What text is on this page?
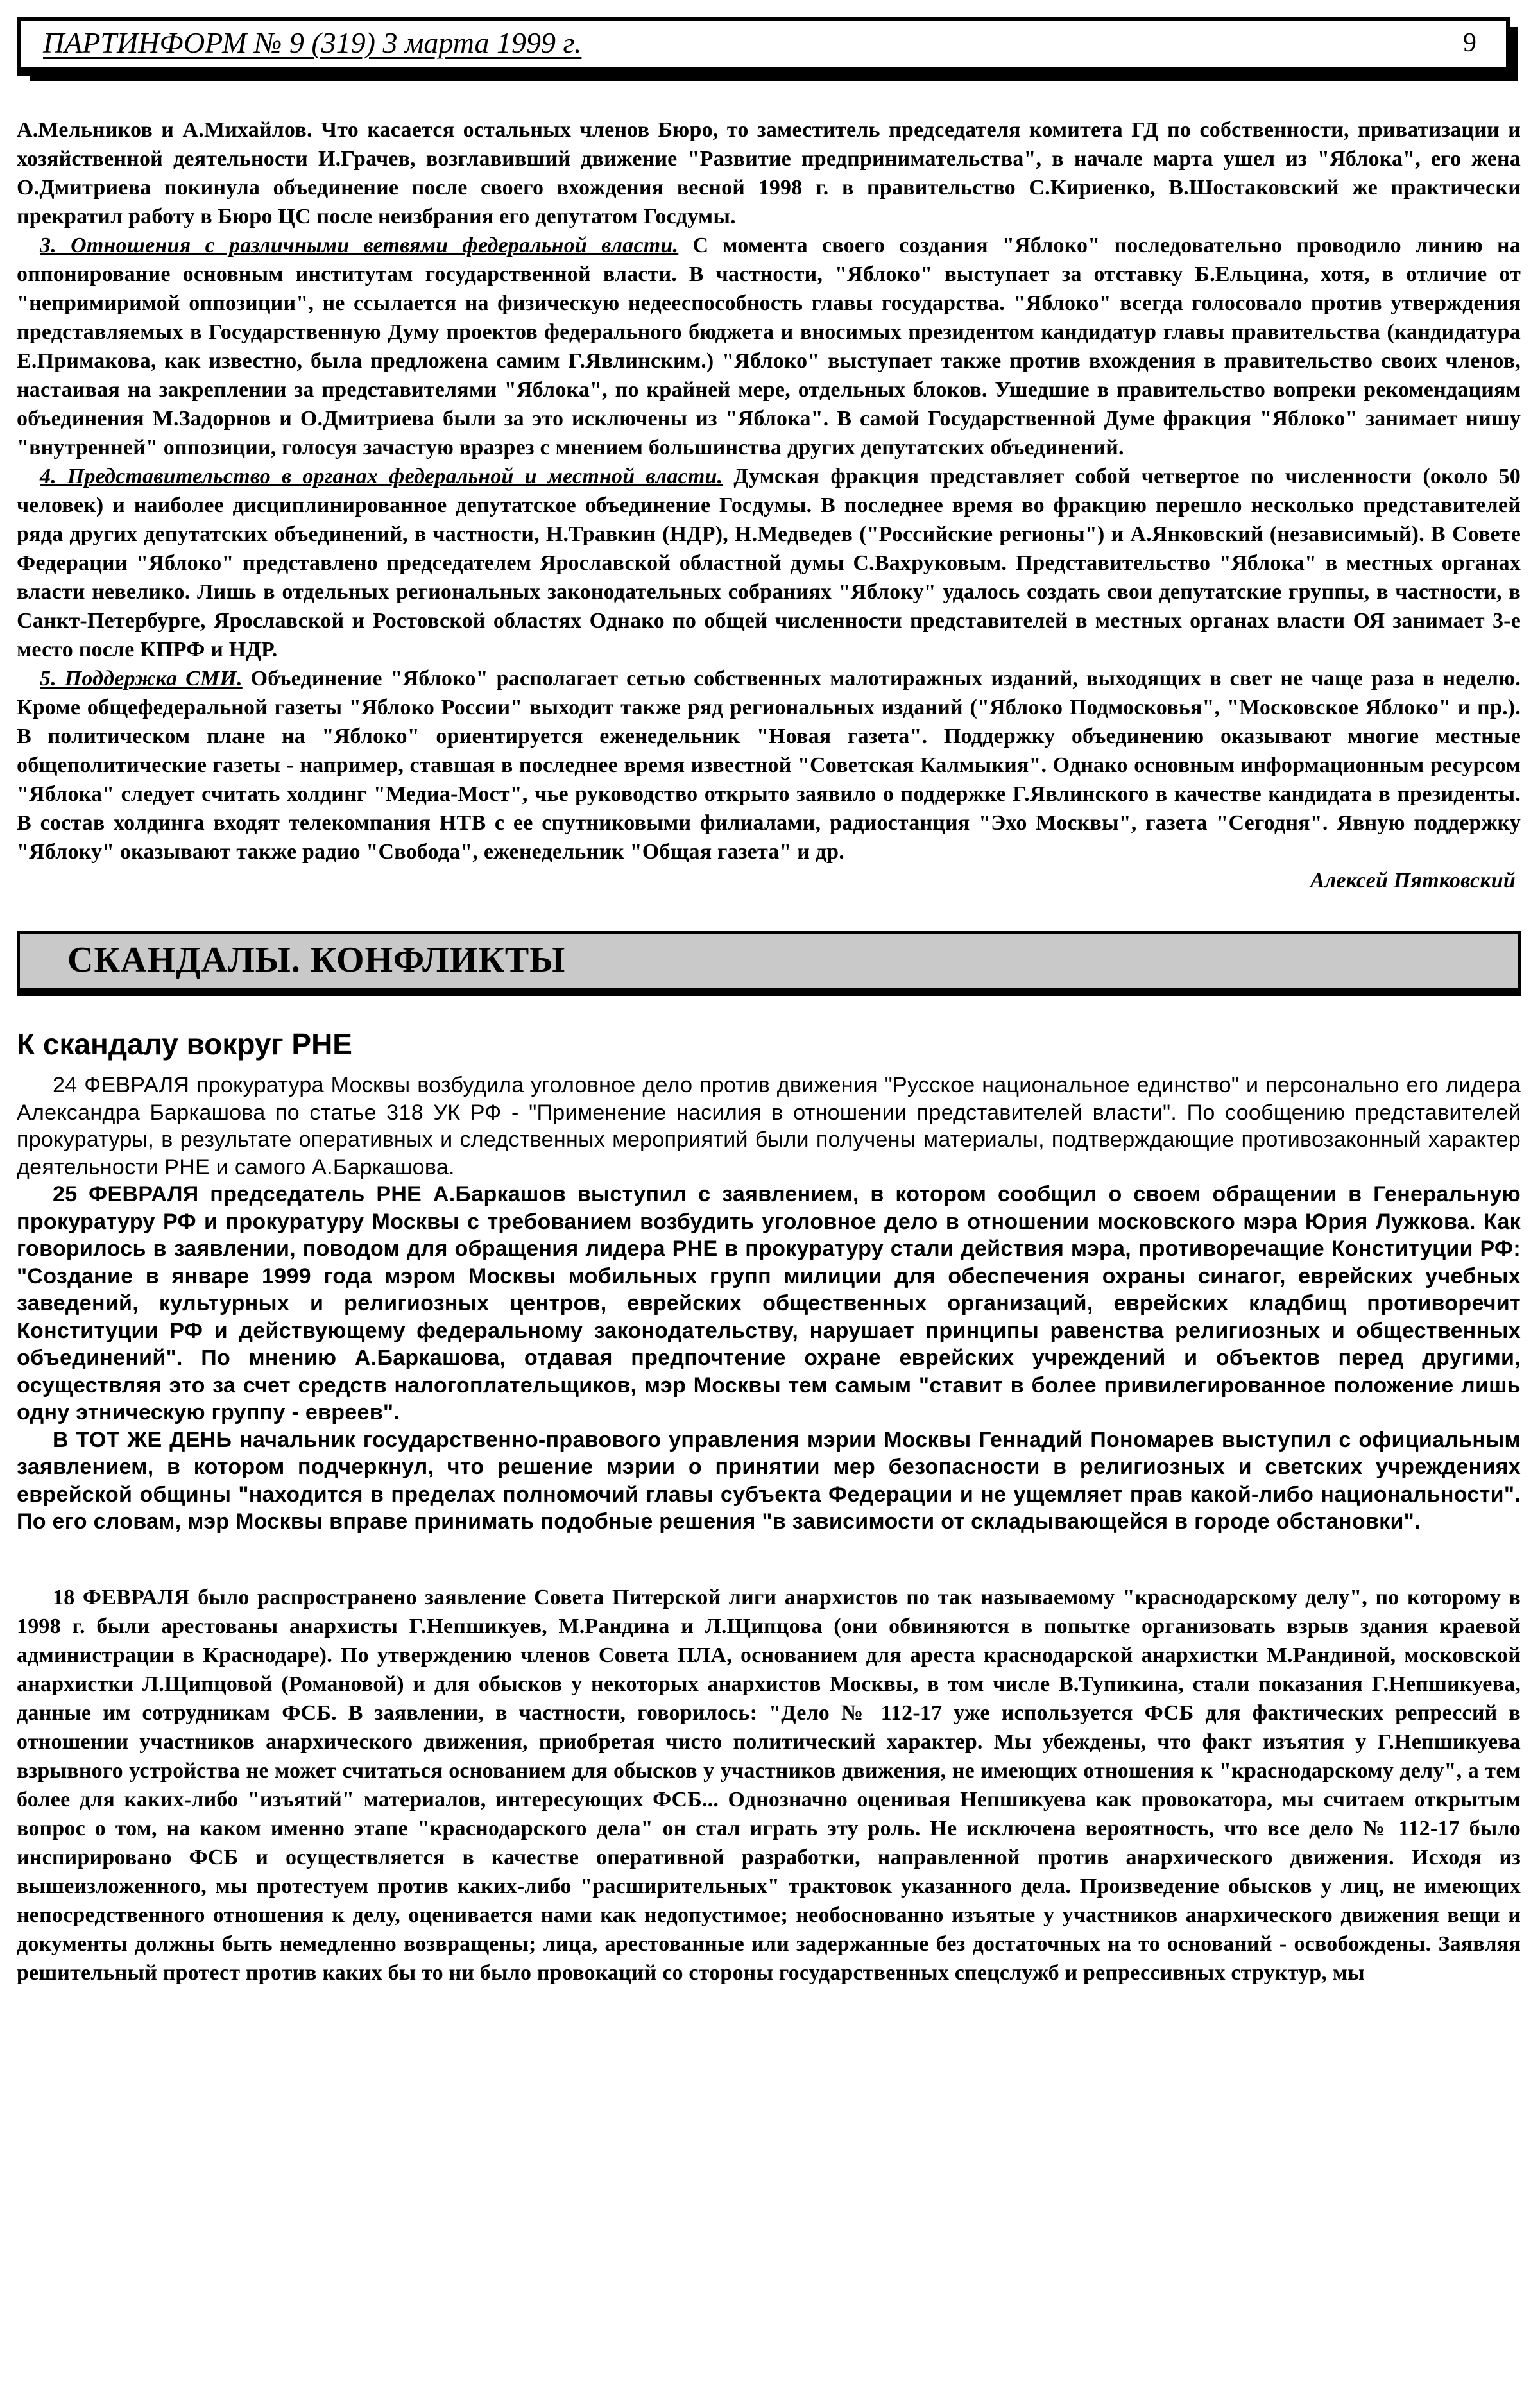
ПАРТИНФОРМ № 9 (319) 3 марта 1999 г.	9

А.Мельников и А.Михайлов. Что касается остальных членов Бюро, то заместитель председателя комитета ГД по собственности, приватизации и хозяйственной деятельности И.Грачев, возглавивший движение "Развитие предпринимательства", в начале марта ушел из "Яблока", его жена О.Дмитриева покинула объединение после своего вхождения весной 1998 г. в правительство С.Кириенко, В.Шостаковский же практически прекратил работу в Бюро ЦС после неизбрания его депутатом Госдумы.

3. Отношения с различными ветвями федеральной власти. С момента своего создания "Яблоко" последовательно проводило линию на оппонирование основным институтам государственной власти. В частности, "Яблоко" выступает за отставку Б.Ельцина, хотя, в отличие от "непримиримой оппозиции", не ссылается на физическую недееспособность главы государства. "Яблоко" всегда голосовало против утверждения представляемых в Государственную Думу проектов федерального бюджета и вносимых президентом кандидатур главы правительства (кандидатура Е.Примакова, как известно, была предложена самим Г.Явлинским.) "Яблоко" выступает также против вхождения в правительство своих членов, настаивая на закреплении за представителями "Яблока", по крайней мере, отдельных блоков. Ушедшие в правительство вопреки рекомендациям объединения М.Задорнов и О.Дмитриева были за это исключены из "Яблока". В самой Государственной Думе фракция "Яблоко" занимает нишу "внутренней" оппозиции, голосуя зачастую вразрез с мнением большинства других депутатских объединений.

4. Представительство в органах федеральной и местной власти. Думская фракция представляет собой четвертое по численности (около 50 человек) и наиболее дисциплинированное депутатское объединение Госдумы. В последнее время во фракцию перешло несколько представителей ряда других депутатских объединений, в частности, Н.Травкин (НДР), Н.Медведев ("Российские регионы") и А.Янковский (независимый). В Совете Федерации "Яблоко" представлено председателем Ярославской областной думы С.Вахруковым. Представительство "Яблока" в местных органах власти невелико. Лишь в отдельных региональных законодательных собраниях "Яблоку" удалось создать свои депутатские группы, в частности, в Санкт-Петербурге, Ярославской и Ростовской областях Однако по общей численности представителей в местных органах власти ОЯ занимает 3-е место после КПРФ и НДР.

5. Поддержка СМИ. Объединение "Яблоко" располагает сетью собственных малотиражных изданий, выходящих в свет не чаще раза в неделю. Кроме общефедеральной газеты "Яблоко России" выходит также ряд региональных изданий ("Яблоко Подмосковья", "Московское Яблоко" и пр.). В политическом плане на "Яблоко" ориентируется еженедельник "Новая газета". Поддержку объединению оказывают многие местные общеполитические газеты - например, ставшая в последнее время известной "Советская Калмыкия". Однако основным информационным ресурсом "Яблока" следует считать холдинг "Медиа-Мост", чье руководство открыто заявило о поддержке Г.Явлинского в качестве кандидата в президенты. В состав холдинга входят телекомпания НТВ с ее спутниковыми филиалами, радиостанция "Эхо Москвы", газета "Сегодня". Явную поддержку "Яблоку" оказывают также радио "Свобода", еженедельник "Общая газета" и др.

Алексей Пятковский

СКАНДАЛЫ. КОНФЛИКТЫ

К скандалу вокруг РНЕ

24 ФЕВРАЛЯ прокуратура Москвы возбудила уголовное дело против движения "Русское национальное единство" и персонально его лидера Александра Баркашова по статье 318 УК РФ - "Применение насилия в отношении представителей власти". По сообщению представителей прокуратуры, в результате оперативных и следственных мероприятий были получены материалы, подтверждающие противозаконный характер деятельности РНЕ и самого А.Баркашова.

25 ФЕВРАЛЯ председатель РНЕ А.Баркашов выступил с заявлением, в котором сообщил о своем обращении в Генеральную прокуратуру РФ и прокуратуру Москвы с требованием возбудить уголовное дело в отношении московского мэра Юрия Лужкова. Как говорилось в заявлении, поводом для обращения лидера РНЕ в прокуратуру стали действия мэра, противоречащие Конституции РФ: "Создание в январе 1999 года мэром Москвы мобильных групп милиции для обеспечения охраны синагог, еврейских учебных заведений, культурных и религиозных центров, еврейских общественных организаций, еврейских кладбищ противоречит Конституции РФ и действующему федеральному законодательству, нарушает принципы равенства религиозных и общественных объединений". По мнению А.Баркашова, отдавая предпочтение охране еврейских учреждений и объектов перед другими, осуществляя это за счет средств налогоплательщиков, мэр Москвы тем самым "ставит в более привилегированное положение лишь одну этническую группу - евреев".

В ТОТ ЖЕ ДЕНЬ начальник государственно-правового управления мэрии Москвы Геннадий Пономарев выступил с официальным заявлением, в котором подчеркнул, что решение мэрии о принятии мер безопасности в религиозных и светских учреждениях еврейской общины "находится в пределах полномочий главы субъекта Федерации и не ущемляет прав какой-либо национальности". По его словам, мэр Москвы вправе принимать подобные решения "в зависимости от складывающейся в городе обстановки".

18 ФЕВРАЛЯ было распространено заявление Совета Питерской лиги анархистов по так называемому "краснодарскому делу", по которому в 1998 г. были арестованы анархисты Г.Непшикуев, М.Рандина и Л.Щипцова (они обвиняются в попытке организовать взрыв здания краевой администрации в Краснодаре). По утверждению членов Совета ПЛА, основанием для ареста краснодарской анархистки М.Рандиной, московской анархистки Л.Щипцовой (Романовой) и для обысков у некоторых анархистов Москвы, в том числе В.Тупикина, стали показания Г.Непшикуева, данные им сотрудникам ФСБ. В заявлении, в частности, говорилось: "Дело № 112-17 уже используется ФСБ для фактических репрессий в отношении участников анархического движения, приобретая чисто политический характер. Мы убеждены, что факт изъятия у Г.Непшикуева взрывного устройства не может считаться основанием для обысков у участников движения, не имеющих отношения к "краснодарскому делу", а тем более для каких-либо "изъятий" материалов, интересующих ФСБ... Однозначно оценивая Непшикуева как провокатора, мы считаем открытым вопрос о том, на каком именно этапе "краснодарского дела" он стал играть эту роль. Не исключена вероятность, что все дело № 112-17 было инспирировано ФСБ и осуществляется в качестве оперативной разработки, направленной против анархического движения. Исходя из вышеизложенного, мы протестуем против каких-либо "расширительных" трактовок указанного дела. Произведение обысков у лиц, не имеющих непосредственного отношения к делу, оценивается нами как недопустимое; необоснованно изъятые у участников анархического движения вещи и документы должны быть немедленно возвращены; лица, арестованные или задержанные без достаточных на то оснований - освобождены. Заявляя решительный протест против каких бы то ни было провокаций со стороны государственных спецслужб и репрессивных структур, мы
